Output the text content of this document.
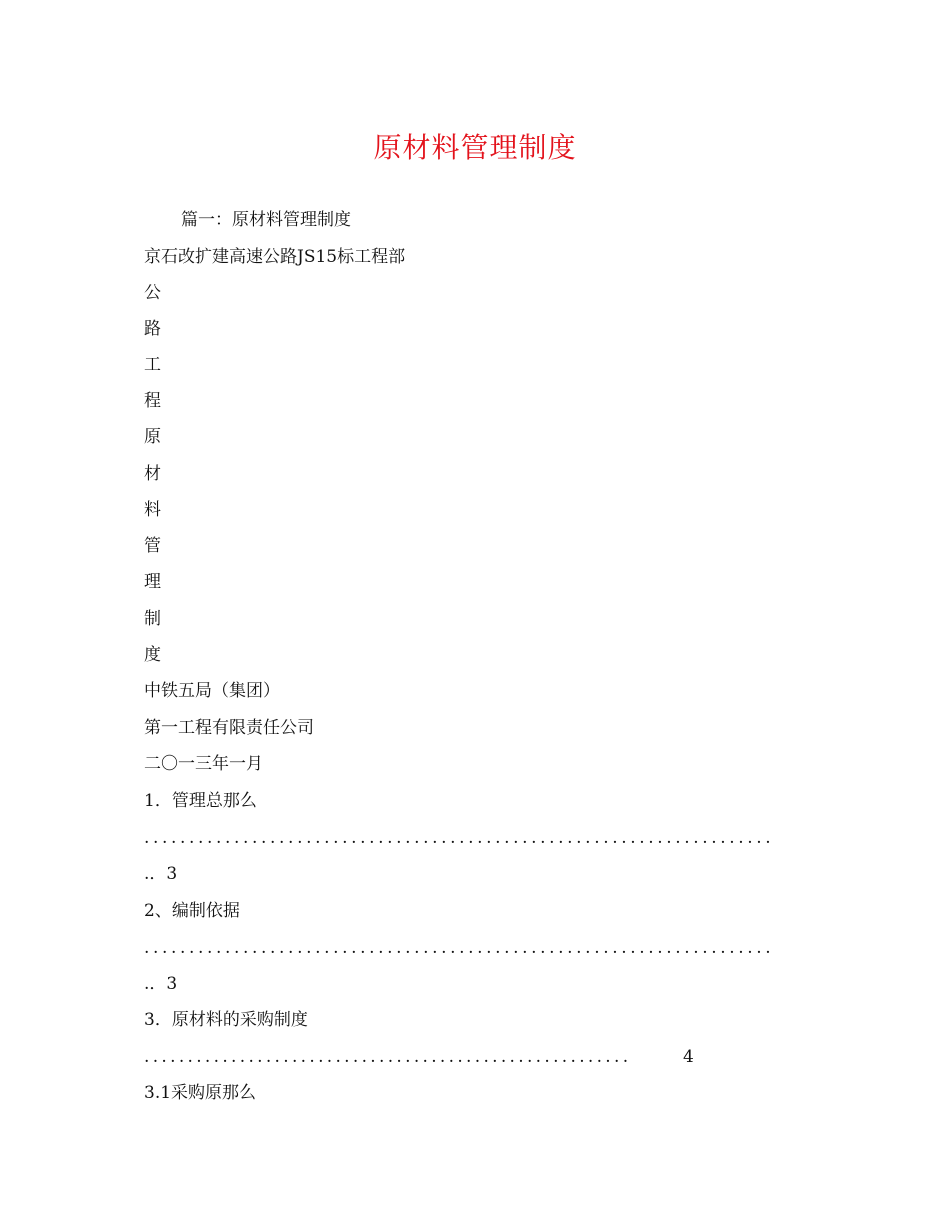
原材料管理制度
篇一：原材料管理制度
京石改扩建高速公路JS15标工程部
公
路
工
程
原
材
料
管
理
制
度
中铁五局（集团）
第一工程有限责任公司
二〇一三年一月
1．管理总那么
......................................................................
.．3
2、编制依据
......................................................................
.．3
3．原材料的采购制度
........................................................	4
3.1采购原那么
